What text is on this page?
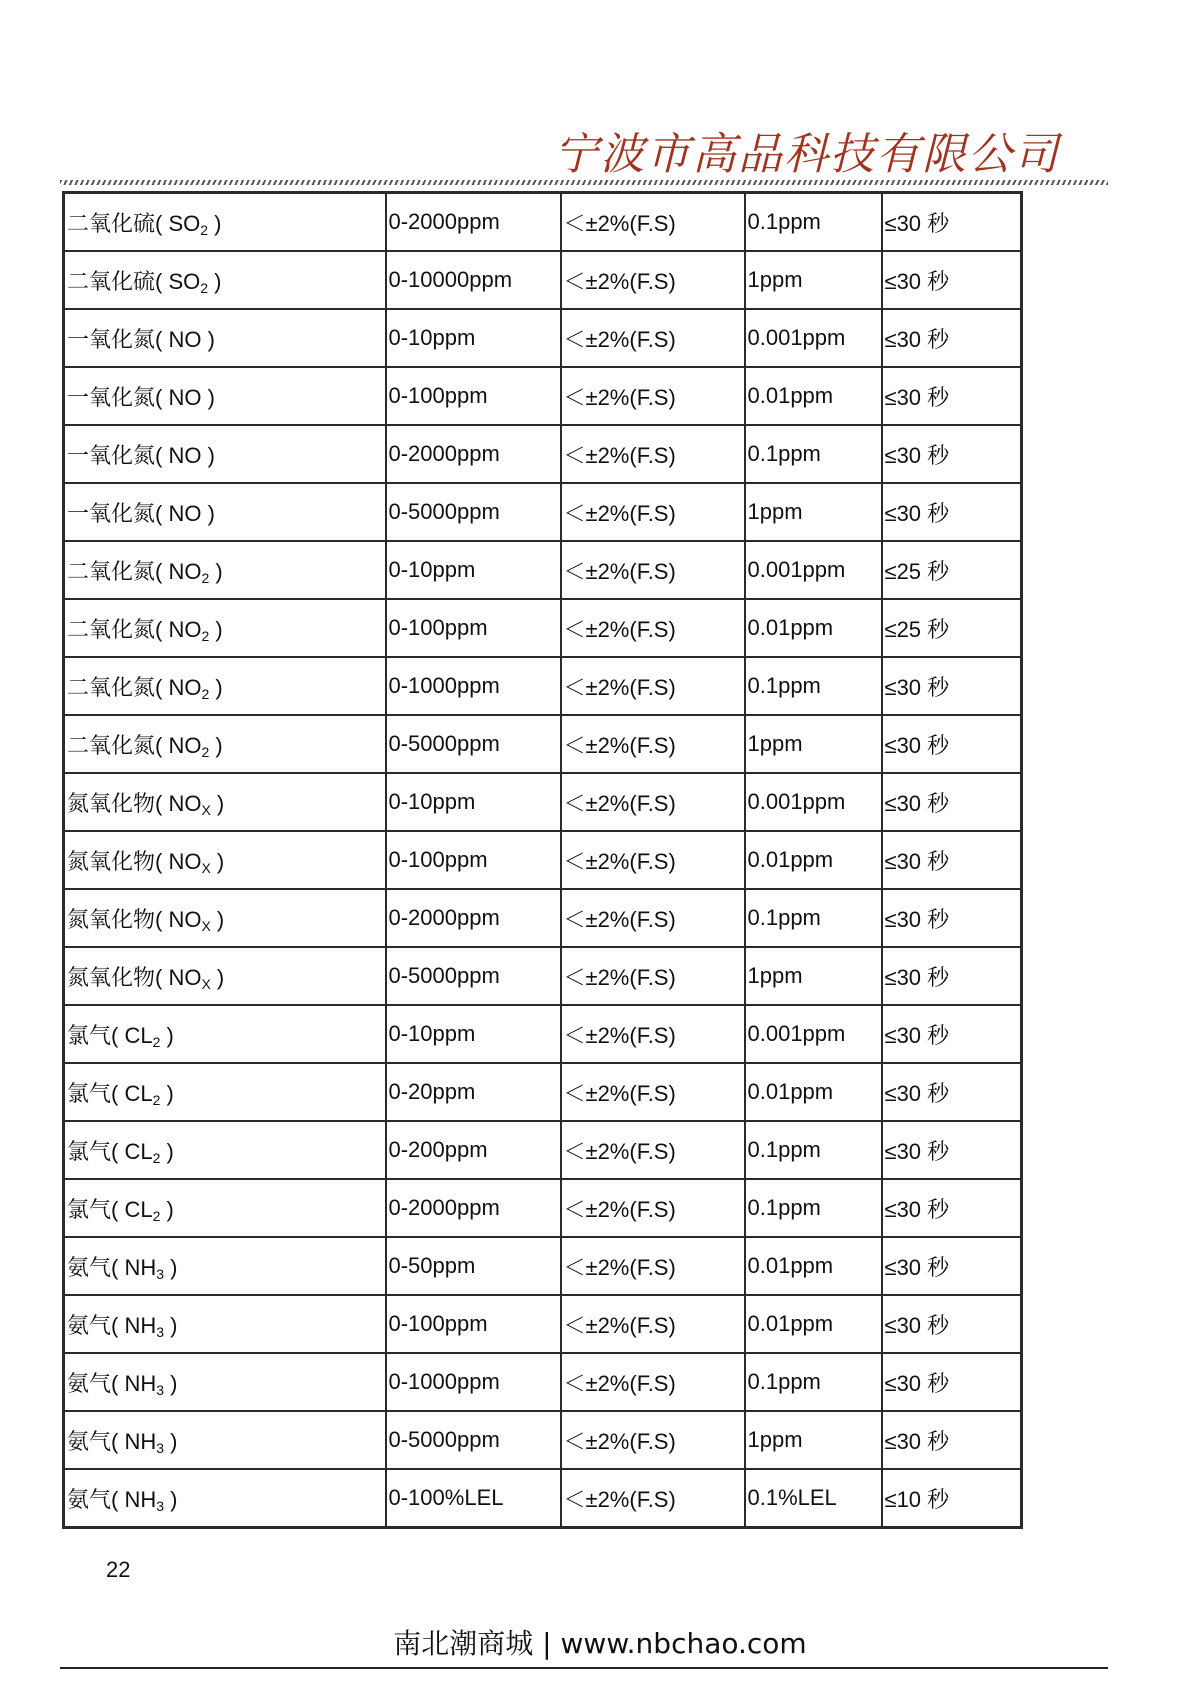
宁波市高品科技有限公司
二氧化硫( $SO_2$ )	0-2000ppm	＜±2%(F.S)	0.1ppm	≤30 秒
二氧化硫( $SO_2$ )	0-10000ppm	＜±2%(F.S)	1ppm	≤30 秒
一氧化氮( NO )	0-10ppm	＜±2%(F.S)	0.001ppm	≤30 秒
一氧化氮( NO )	0-100ppm	＜±2%(F.S)	0.01ppm	≤30 秒
一氧化氮( NO )	0-2000ppm	＜±2%(F.S)	0.1ppm	≤30 秒
一氧化氮( NO )	0-5000ppm	＜±2%(F.S)	1ppm	≤30 秒
二氧化氮( $NO_2$ )	0-10ppm	＜±2%(F.S)	0.001ppm	≤25 秒
二氧化氮( $NO_2$ )	0-100ppm	＜±2%(F.S)	0.01ppm	≤25 秒
二氧化氮( $NO_2$ )	0-1000ppm	＜±2%(F.S)	0.1ppm	≤30 秒
二氧化氮( $NO_2$ )	0-5000ppm	＜±2%(F.S)	1ppm	≤30 秒
氮氧化物( $NO_X$ )	0-10ppm	＜±2%(F.S)	0.001ppm	≤30 秒
氮氧化物( $NO_X$ )	0-100ppm	＜±2%(F.S)	0.01ppm	≤30 秒
氮氧化物( $NO_X$ )	0-2000ppm	＜±2%(F.S)	0.1ppm	≤30 秒
氮氧化物( $NO_X$ )	0-5000ppm	＜±2%(F.S)	1ppm	≤30 秒
氯气( $CL_2$ )	0-10ppm	＜±2%(F.S)	0.001ppm	≤30 秒
氯气( $CL_2$ )	0-20ppm	＜±2%(F.S)	0.01ppm	≤30 秒
氯气( $CL_2$ )	0-200ppm	＜±2%(F.S)	0.1ppm	≤30 秒
氯气( $CL_2$ )	0-2000ppm	＜±2%(F.S)	0.1ppm	≤30 秒
氨气( $NH_3$ )	0-50ppm	＜±2%(F.S)	0.01ppm	≤30 秒
氨气( $NH_3$ )	0-100ppm	＜±2%(F.S)	0.01ppm	≤30 秒
氨气( $NH_3$ )	0-1000ppm	＜±2%(F.S)	0.1ppm	≤30 秒
氨气( $NH_3$ )	0-5000ppm	＜±2%(F.S)	1ppm	≤30 秒
氨气( $NH_3$ )	0-100%LEL	＜±2%(F.S)	0.1%LEL	≤10 秒
22
南北潮商城 | www.nbchao.com
